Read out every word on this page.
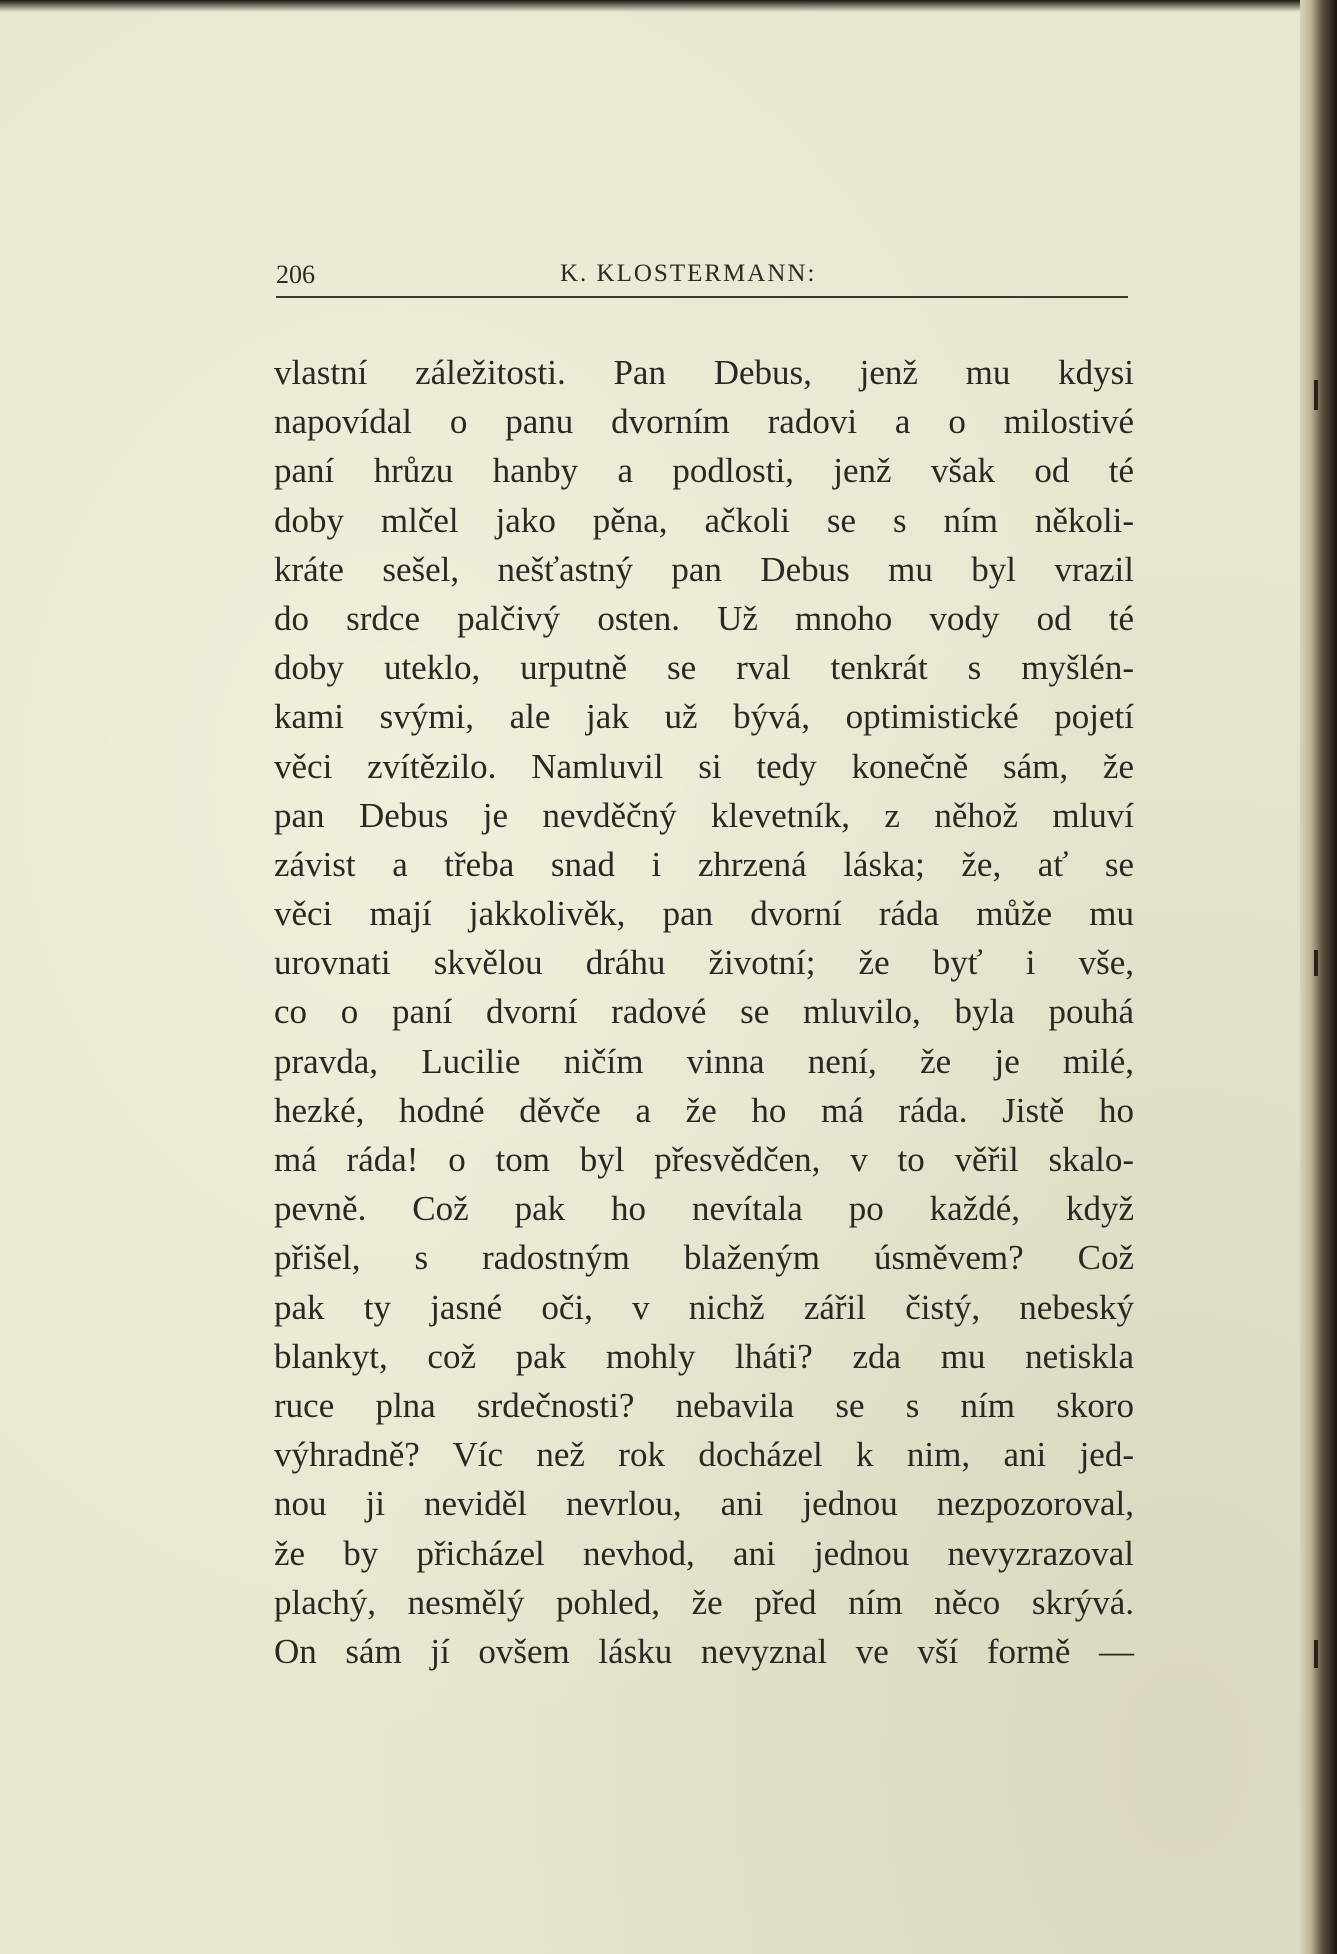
206	K. KLOSTERMANN:
vlastní záležitosti. Pan Debus, jenž mu kdysi
napovídal o panu dvorním radovi a o milostivé
paní hrůzu hanby a podlosti, jenž však od té
doby mlčel jako pěna, ačkoli se s ním několi-
kráte sešel, nešťastný pan Debus mu byl vrazil
do srdce palčivý osten. Už mnoho vody od té
doby uteklo, urputně se rval tenkrát s myšlén-
kami svými, ale jak už bývá, optimistické pojetí
věci zvítězilo. Namluvil si tedy konečně sám, že
pan Debus je nevděčný klevetník, z něhož mluví
závist a třeba snad i zhrzená láska; že, ať se
věci mají jakkolivěk, pan dvorní ráda může mu
urovnati skvělou dráhu životní; že byť i vše,
co o paní dvorní radové se mluvilo, byla pouhá
pravda, Lucilie ničím vinna není, že je milé,
hezké, hodné děvče a že ho má ráda. Jistě ho
má ráda! o tom byl přesvědčen, v to věřil skalo-
pevně. Což pak ho nevítala po každé, když
přišel, s radostným blaženým úsměvem? Což
pak ty jasné oči, v nichž zářil čistý, nebeský
blankyt, což pak mohly lháti? zda mu netiskla
ruce plna srdečnosti? nebavila se s ním skoro
výhradně? Víc než rok docházel k nim, ani jed-
nou ji neviděl nevrlou, ani jednou nezpozoroval,
že by přicházel nevhod, ani jednou nevyzrazoval
plachý, nesmělý pohled, že před ním něco skrývá.
On sám jí ovšem lásku nevyznal ve vší formě —
